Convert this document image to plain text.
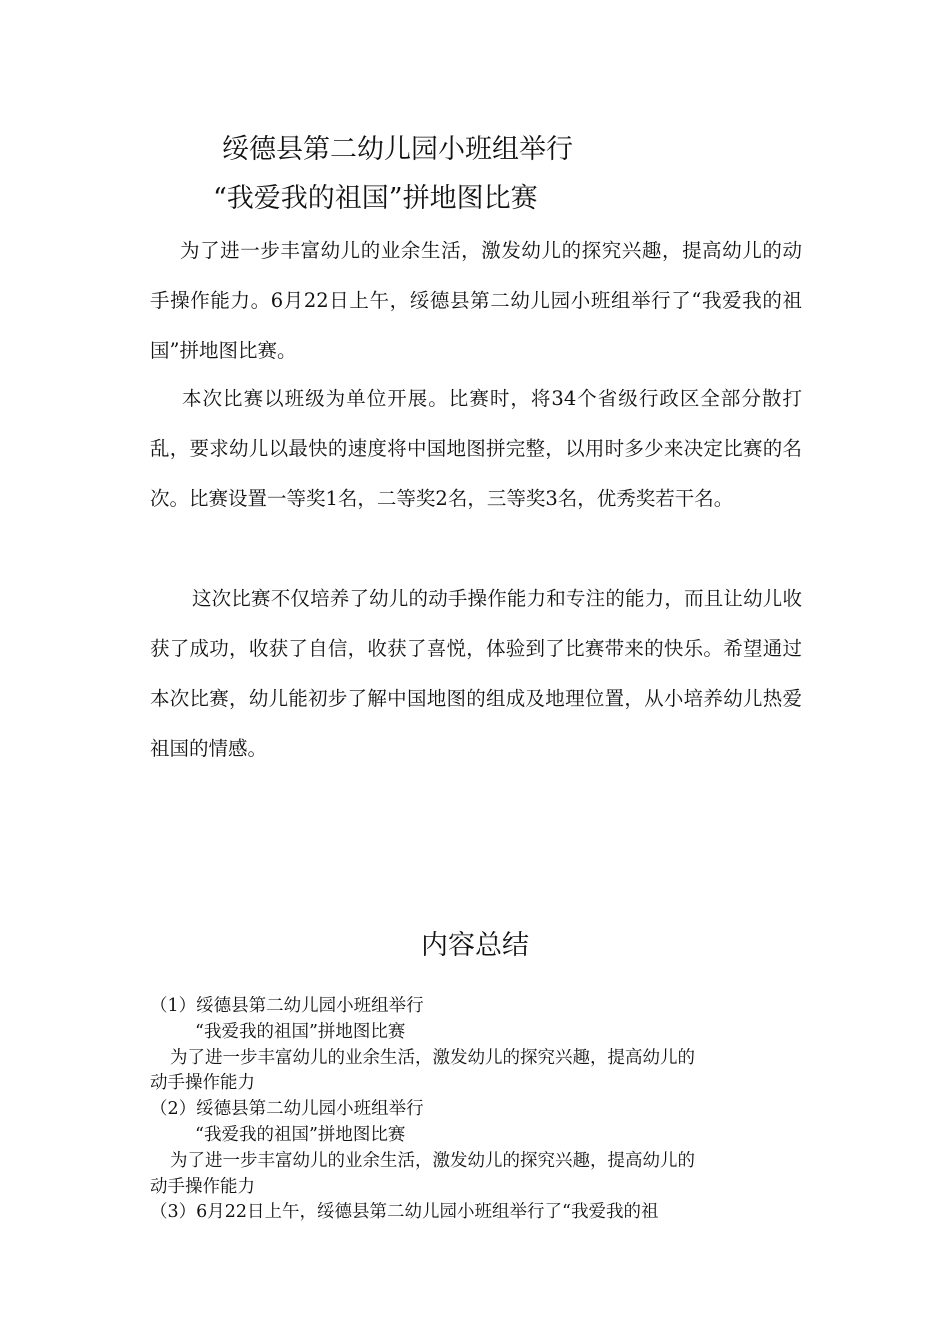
绥德县第二幼儿园小班组举行
“我爱我的祖国”拼地图比赛

为了进一步丰富幼儿的业余生活，激发幼儿的探究兴趣，提高幼儿的动手操作能力。6月22日上午，绥德县第二幼儿园小班组举行了“我爱我的祖国”拼地图比赛。

本次比赛以班级为单位开展。比赛时，将34个省级行政区全部分散打乱，要求幼儿以最快的速度将中国地图拼完整，以用时多少来决定比赛的名次。比赛设置一等奖1名，二等奖2名，三等奖3名，优秀奖若干名。

这次比赛不仅培养了幼儿的动手操作能力和专注的能力，而且让幼儿收获了成功，收获了自信，收获了喜悦，体验到了比赛带来的快乐。希望通过本次比赛，幼儿能初步了解中国地图的组成及地理位置，从小培养幼儿热爱祖国的情感。

内容总结
（1）绥德县第二幼儿园小班组举行
“我爱我的祖国”拼地图比赛
为了进一步丰富幼儿的业余生活，激发幼儿的探究兴趣，提高幼儿的
动手操作能力
（2）绥德县第二幼儿园小班组举行
“我爱我的祖国”拼地图比赛
为了进一步丰富幼儿的业余生活，激发幼儿的探究兴趣，提高幼儿的
动手操作能力
（3）6月22日上午，绥德县第二幼儿园小班组举行了“我爱我的祖
